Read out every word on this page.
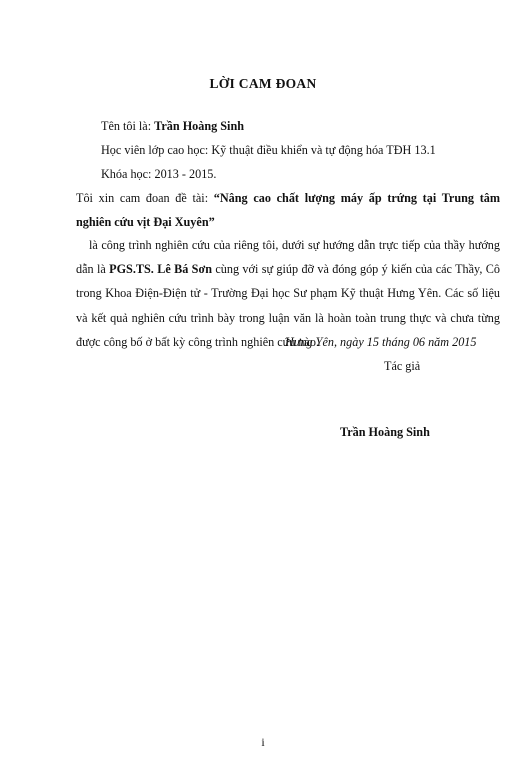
LỜI CAM ĐOAN
Tên tôi là: Trần Hoàng Sinh
Học viên lớp cao học: Kỹ thuật điều khiển và tự động hóa TĐH 13.1
Khóa học: 2013 - 2015.
Tôi xin cam đoan đề tài: “Nâng cao chất lượng máy ấp trứng tại Trung tâm
nghiên cứu vịt Đại Xuyên”
là công trình nghiên cứu của riêng tôi, dưới sự hướng dẫn trực tiếp của thầy hướng dẫn là PGS.TS. Lê Bá Sơn cùng với sự giúp đỡ và đóng góp ý kiến của các Thầy, Cô trong Khoa Điện-Điện tử - Trường Đại học Sư phạm Kỹ thuật Hưng Yên. Các số liệu và kết quả nghiên cứu trình bày trong luận văn là hoàn toàn trung thực và chưa từng được công bố ở bất kỳ công trình nghiên cứu nào.
Hưng Yên, ngày 15 tháng 06 năm 2015
Tác giả
Trần Hoàng Sinh
i
